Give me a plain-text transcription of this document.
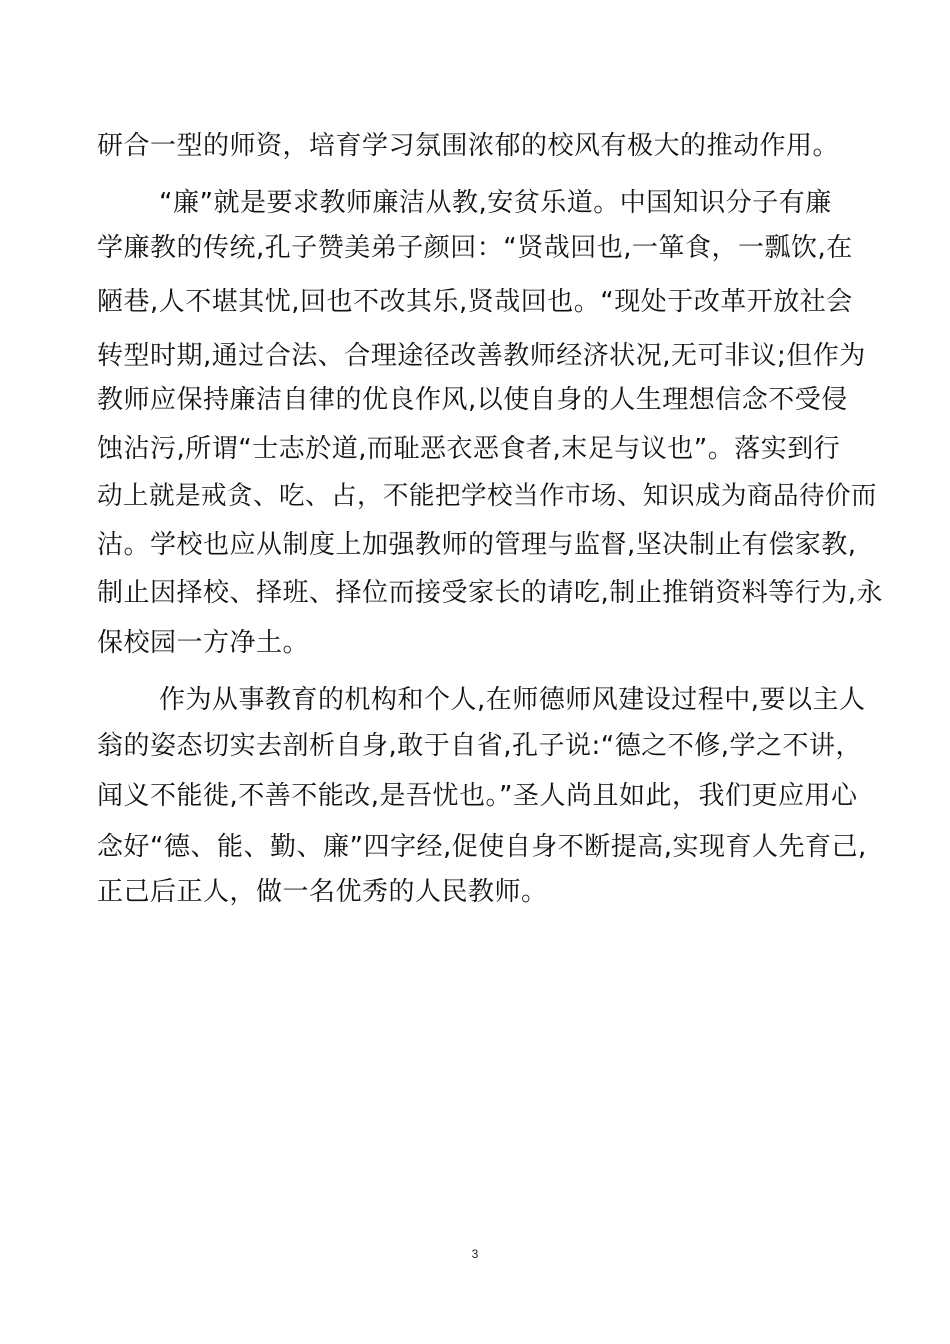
研合一型的师资，培育学习氛围浓郁的校风有极大的推动作用。
“廉”就是要求教师廉洁从教,安贫乐道。中国知识分子有廉
学廉教的传统,孔子赞美弟子颜回：“贤哉回也,一箪食，一瓢饮,在
陋巷,人不堪其忧,回也不改其乐,贤哉回也。“现处于改革开放社会
转型时期,通过合法、合理途径改善教师经济状况,无可非议;但作为
教师应保持廉洁自律的优良作风,以使自身的人生理想信念不受侵
蚀沾污,所谓“士志於道,而耻恶衣恶食者,末足与议也”。落实到行
动上就是戒贪、吃、占，不能把学校当作市场、知识成为商品待价而
沽。学校也应从制度上加强教师的管理与监督,坚决制止有偿家教,
制止因择校、择班、择位而接受家长的请吃,制止推销资料等行为,永
保校园一方净土。
作为从事教育的机构和个人,在师德师风建设过程中,要以主人
翁的姿态切实去剖析自身,敢于自省,孔子说:“德之不修,学之不讲，
闻义不能徙,不善不能改,是吾忧也。”圣人尚且如此，我们更应用心
念好“德、能、勤、廉”四字经,促使自身不断提高,实现育人先育己,
正己后正人，做一名优秀的人民教师。
3
